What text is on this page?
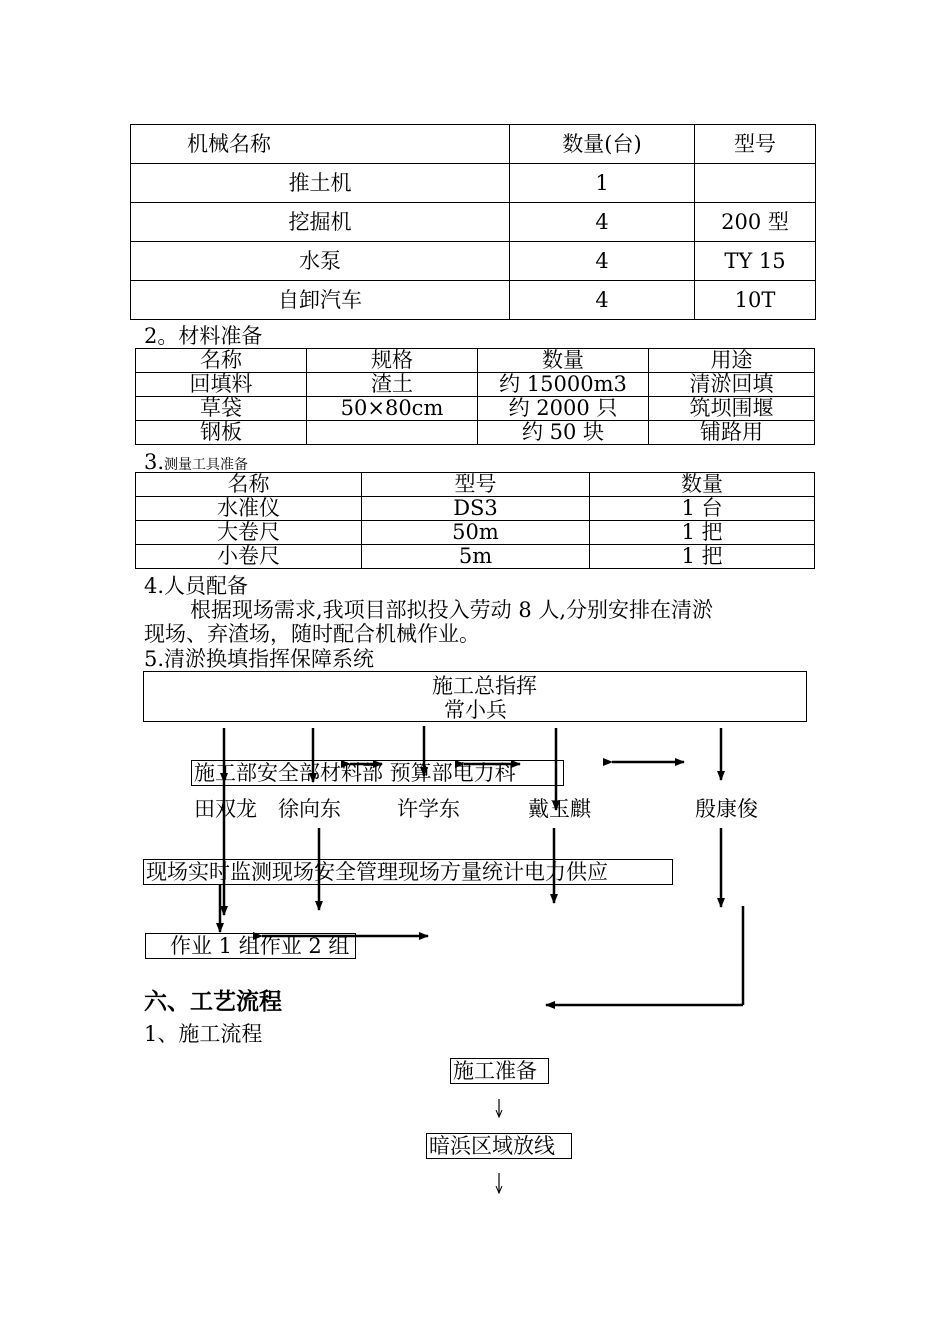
机械名称	数量(台)	型号
推土机	1	
挖掘机	4	200 型
水泵	4	TY 15
自卸汽车	4	10T
2。材料准备
名称	规格	数量	用途
回填料	渣土	约 15000m3	清淤回填
草袋	50×80cm	约 2000 只	筑坝围堰
钢板		约 50 块	铺路用
3.测量工具准备
名称	型号	数量
水准仪	DS3	1 台
大卷尺	50m	1 把
小卷尺	5m	1 把
4.人员配备
根据现场需求,我项目部拟投入劳动 8 人,分别安排在清淤
现场、弃渣场，随时配合机械作业。
5.清淤换填指挥保障系统
施工总指挥
常小兵
施工部安全部材料部 预算部电力科
田双龙 徐向东	许学东	戴玉麒	殷康俊
现场实时监测现场安全管理现场方量统计电力供应
作业 1 组作业 2 组
六、工艺流程
1、施工流程
施工准备
暗浜区域放线
